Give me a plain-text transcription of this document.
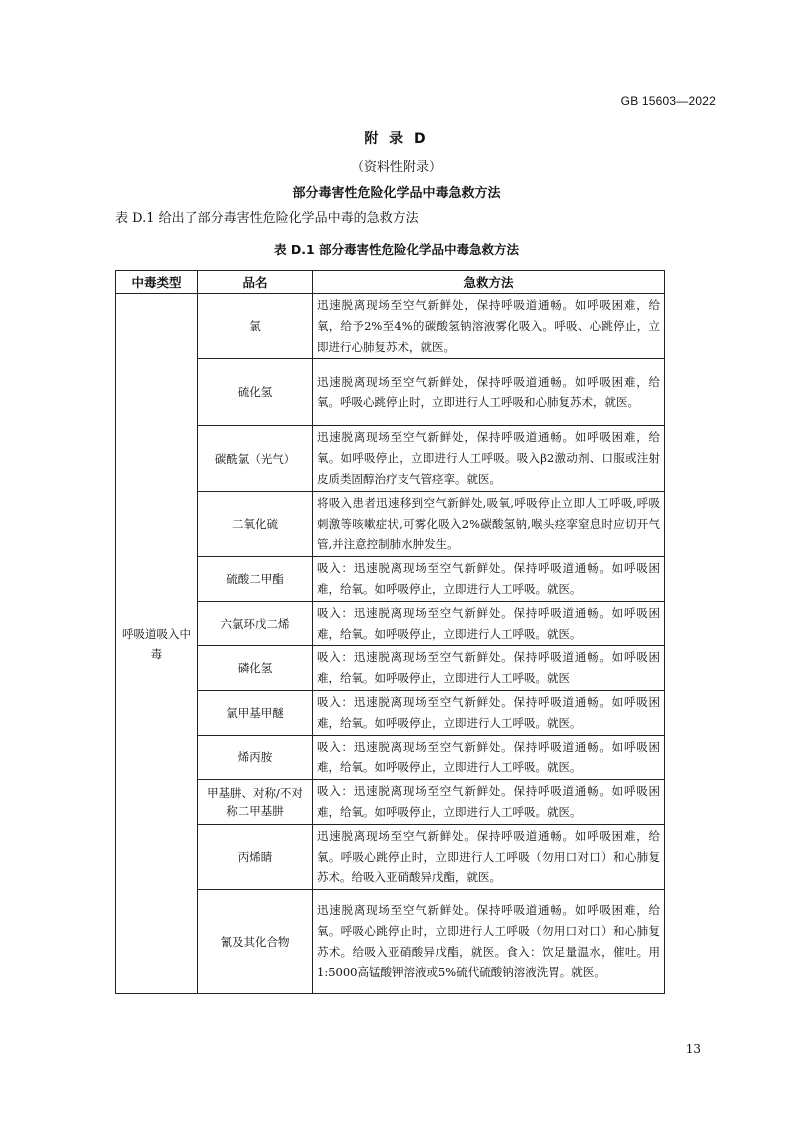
GB 15603—2022
附 录 D
（资料性附录）
部分毒害性危险化学品中毒急救方法
表 D.1 给出了部分毒害性危险化学品中毒的急救方法
表 D.1 部分毒害性危险化学品中毒急救方法
中毒类型	品名	急救方法
呼吸道吸入中毒	氯	迅速脱离现场至空气新鲜处，保持呼吸道通畅。如呼吸困难，给氧，给予2%至4%的碳酸氢钠溶液雾化吸入。呼吸、心跳停止，立即进行心肺复苏术，就医。
	硫化氢	迅速脱离现场至空气新鲜处，保持呼吸道通畅。如呼吸困难，给氧。呼吸心跳停止时，立即进行人工呼吸和心肺复苏术，就医。
	碳酰氯（光气）	迅速脱离现场至空气新鲜处，保持呼吸道通畅。如呼吸困难，给氧。如呼吸停止，立即进行人工呼吸。吸入β2激动剂、口服或注射皮质类固醇治疗支气管痉挛。就医。
	二氧化硫	将吸入患者迅速移到空气新鲜处,吸氧,呼吸停止立即人工呼吸,呼吸刺激等咳嗽症状,可雾化吸入2%碳酸氢钠,喉头痉挛窒息时应切开气管,并注意控制肺水肿发生。
	硫酸二甲酯	吸入：迅速脱离现场至空气新鲜处。保持呼吸道通畅。如呼吸困难，给氧。如呼吸停止，立即进行人工呼吸。就医。
	六氯环戊二烯	吸入：迅速脱离现场至空气新鲜处。保持呼吸道通畅。如呼吸困难，给氧。如呼吸停止，立即进行人工呼吸。就医。
	磷化氢	吸入：迅速脱离现场至空气新鲜处。保持呼吸道通畅。如呼吸困难，给氧。如呼吸停止，立即进行人工呼吸。就医
	氯甲基甲醚	吸入：迅速脱离现场至空气新鲜处。保持呼吸道通畅。如呼吸困难，给氧。如呼吸停止，立即进行人工呼吸。就医。
	烯丙胺	吸入：迅速脱离现场至空气新鲜处。保持呼吸道通畅。如呼吸困难，给氧。如呼吸停止，立即进行人工呼吸。就医。
	甲基肼、对称/不对称二甲基肼	吸入：迅速脱离现场至空气新鲜处。保持呼吸道通畅。如呼吸困难，给氧。如呼吸停止，立即进行人工呼吸。就医。
	丙烯睛	迅速脱离现场至空气新鲜处。保持呼吸道通畅。如呼吸困难，给氧。呼吸心跳停止时，立即进行人工呼吸（勿用口对口）和心肺复苏术。给吸入亚硝酸异戊酯，就医。
	氰及其化合物	迅速脱离现场至空气新鲜处。保持呼吸道通畅。如呼吸困难，给氧。呼吸心跳停止时，立即进行人工呼吸（勿用口对口）和心肺复苏术。给吸入亚硝酸异戊酯，就医。食入：饮足量温水，催吐。用1:5000高锰酸钾溶液或5%硫代硫酸钠溶液洗胃。就医。
13
